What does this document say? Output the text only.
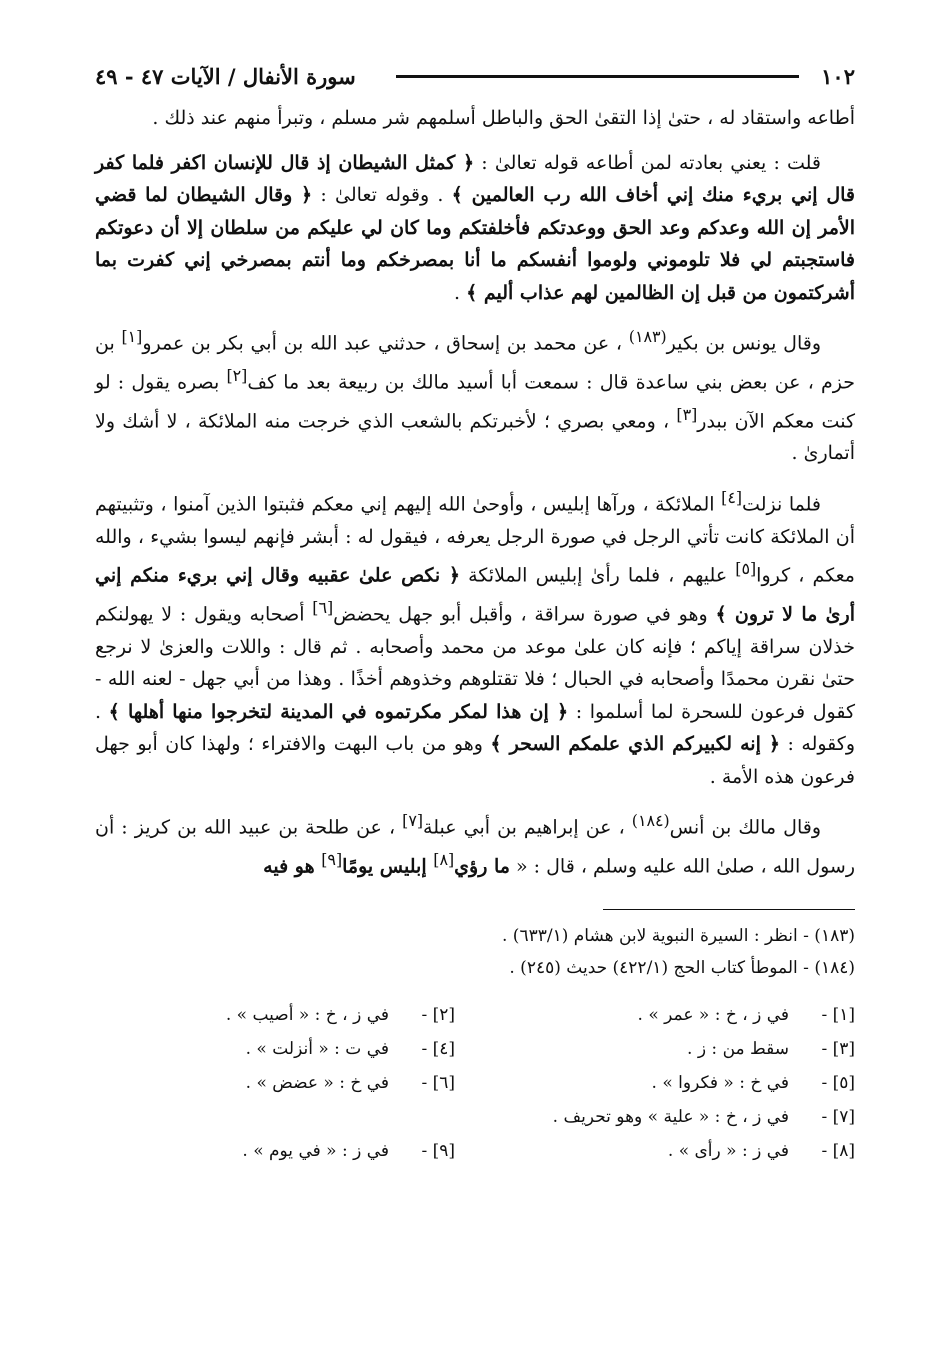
١٠٢
سورة الأنفال / الآيات ٤٧ - ٤٩

أطاعه واستقاد له ، حتىٰ إذا التقىٰ الحق والباطل أسلمهم شر مسلم ، وتبرأ منهم عند ذلك .

قلت : يعني بعادته لمن أطاعه قوله تعالىٰ : ﴿ كمثل الشيطان إذ قال للإنسان اكفر فلما كفر قال إني بريء منك إني أخاف الله رب العالمين ﴾ . وقوله تعالىٰ : ﴿ وقال الشيطان لما قضي الأمر إن الله وعدكم وعد الحق ووعدتكم فأخلفتكم وما كان لي عليكم من سلطان إلا أن دعوتكم فاستجبتم لي فلا تلوموني ولوموا أنفسكم ما أنا بمصرخكم وما أنتم بمصرخي إني كفرت بما أشركتمون من قبل إن الظالمين لهم عذاب أليم ﴾ .

وقال يونس بن بكير$^{(١٨٣)}$ ، عن محمد بن إسحاق ، حدثني عبد الله بن أبي بكر بن عمرو[١] بن حزم ، عن بعض بني ساعدة قال : سمعت أبا أسيد مالك بن ربيعة بعد ما كف[٢] بصره يقول : لو كنت معكم الآن ببدر[٣] ، ومعي بصري ؛ لأخبرتكم بالشعب الذي خرجت منه الملائكة ، لا أشك ولا أتمارىٰ .

فلما نزلت[٤] الملائكة ، ورآها إبليس ، وأوحىٰ الله إليهم إني معكم فثبتوا الذين آمنوا ، وتثبيتهم أن الملائكة كانت تأتي الرجل في صورة الرجل يعرفه ، فيقول له : أبشر فإنهم ليسوا بشيء ، والله معكم ، كروا[٥] عليهم ، فلما رأىٰ إبليس الملائكة ﴿ نكص علىٰ عقبيه وقال إني بريء منكم إني أرىٰ ما لا ترون ﴾ وهو في صورة سراقة ، وأقبل أبو جهل يحضض[٦] أصحابه ويقول : لا يهولنكم خذلان سراقة إياكم ؛ فإنه كان علىٰ موعد من محمد وأصحابه . ثم قال : واللات والعزىٰ لا نرجع حتىٰ نقرن محمدًا وأصحابه في الحبال ؛ فلا تقتلوهم وخذوهم أخذًا . وهذا من أبي جهل - لعنه الله - كقول فرعون للسحرة لما أسلموا : ﴿ إن هذا لمكر مكرتموه في المدينة لتخرجوا منها أهلها ﴾ . وكقوله : ﴿ إنه لكبيركم الذي علمكم السحر ﴾ وهو من باب البهت والافتراء ؛ ولهذا كان أبو جهل فرعون هذه الأمة .

وقال مالك بن أنس$^{(١٨٤)}$ ، عن إبراهيم بن أبي عبلة[٧] ، عن طلحة بن عبيد الله بن كريز : أن رسول الله ، صلىٰ الله عليه وسلم ، قال : « ما رؤي[٨] إبليس يومًا[٩] هو فيه

(١٨٣) - انظر : السيرة النبوية لابن هشام (٦٣٣/١) .

(١٨٤) - الموطأ كتاب الحج (٤٢٢/١) حديث (٢٤٥) .

[١] -
في ز ، خ : « عمر » .
[٢] -
في ز ، خ : « أصيب » .
[٣] -
سقط من : ز .
[٤] -
في ت : « أنزلت » .
[٥] -
في خ : « فكروا » .
[٦] -
في خ : « عضض » .
[٧] -
في ز ، خ : « علية » وهو تحريف .
[٨] -
في ز : « رأى » .
[٩] -
في ز : « في يوم » .
